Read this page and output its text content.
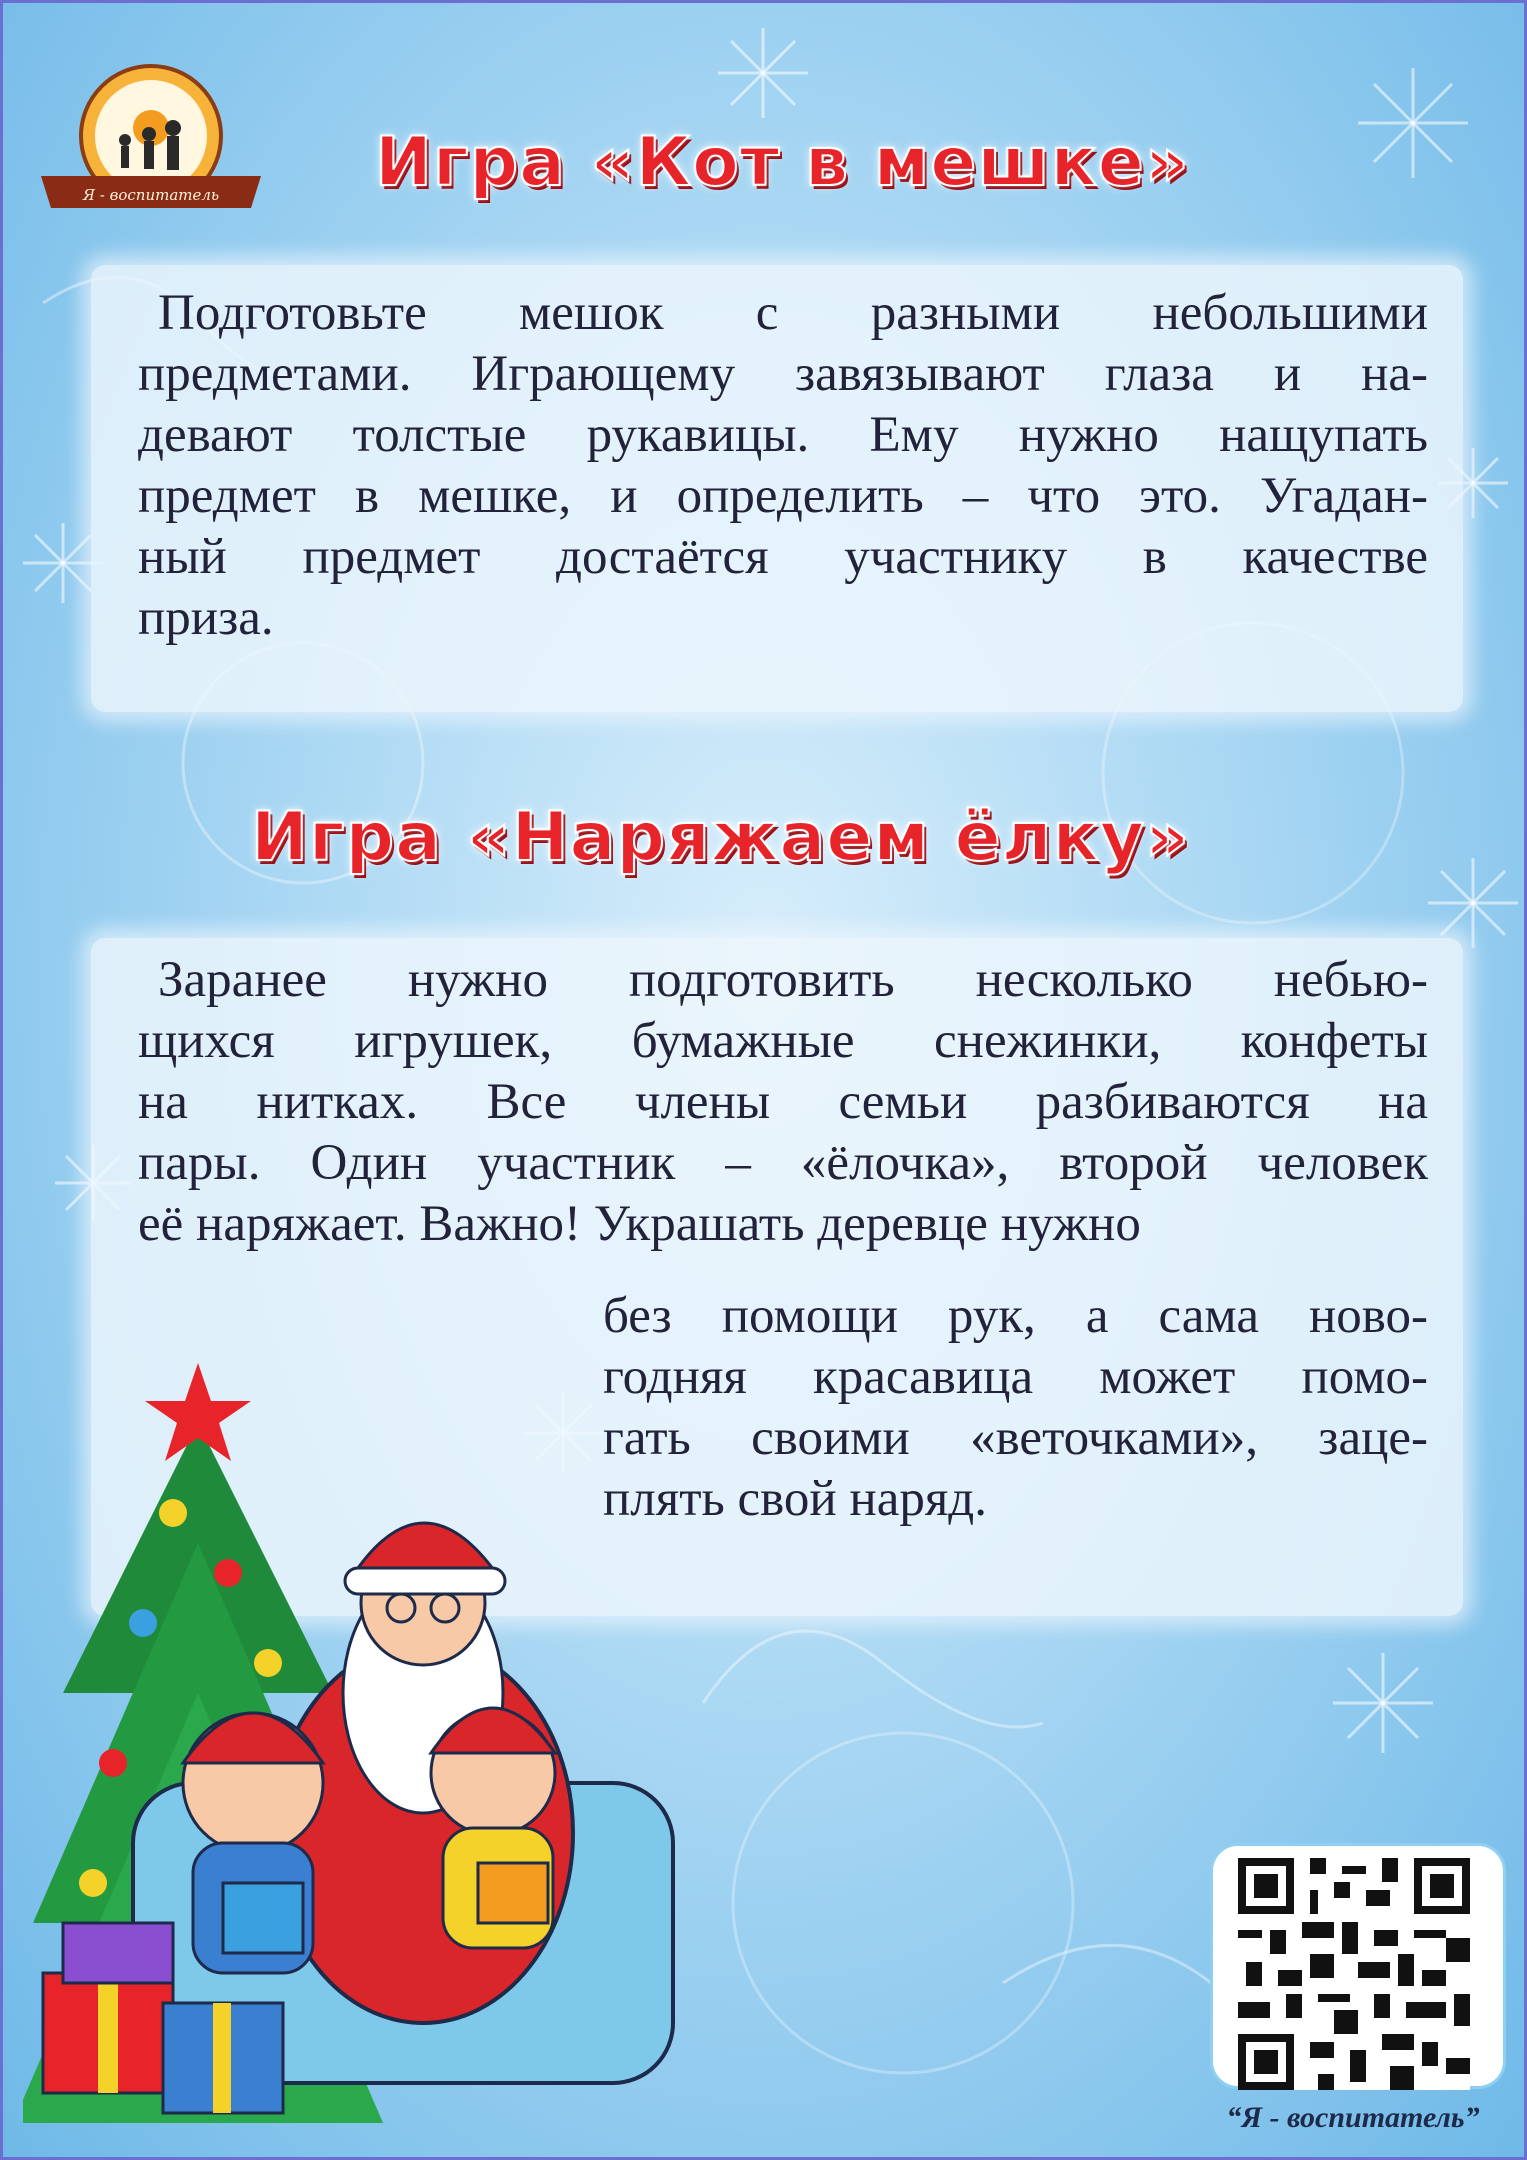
Я - воспитатель Игра «Кот в мешке»

Подготовьте мешок с разными небольшими
предметами. Играющему завязывают глаза и на-
девают толстые рукавицы. Ему нужно нащупать
предмет в мешке, и определить – что это. Угадан-
ный предмет достаётся участнику в качестве
приза.

Игра «Наряжаем ёлку»

Заранее нужно подготовить несколько небью-
щихся игрушек, бумажные снежинки, конфеты
на нитках. Все члены семьи разбиваются на
пары. Один участник – «ёлочка», второй человек
её наряжает. Важно! Украшать деревце нужно

без помощи рук, а сама ново-
годняя красавица может помо-
гать своими «веточками», заце-
плять свой наряд.

“Я - воспитатель”
